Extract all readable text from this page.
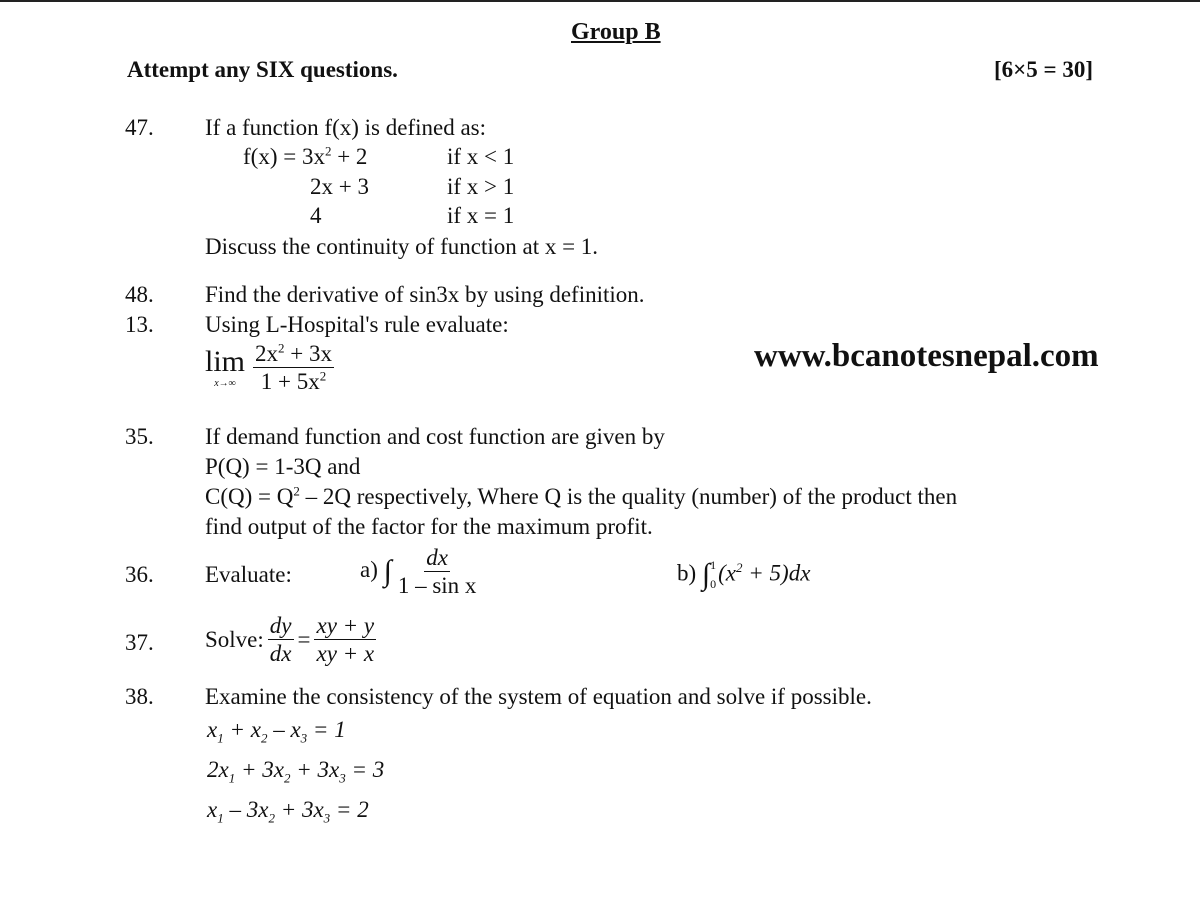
Group B
Attempt any SIX questions.	[6×5 = 30]
47. If a function f(x) is defined as:
$f(x) = 3x^2 + 2$	if x < 1
2x + 3	if x > 1
4	if x = 1
Discuss the continuity of function at x = 1.
48. Find the derivative of sin3x by using definition.
13. Using L-Hospital's rule evaluate:
lim
$x\to\infty \frac{2x^2 + 3x}{1 + 5x^2}$	www.bcanotesnepal.com
35. If demand function and cost function are given by
P(Q) = 1-3Q and
$C(Q) = Q^2 - 2Q$ respectively, Where Q is the quality (number) of the product then
find output of the factor for the maximum profit.
36. Evaluate:	a) ∫ $\frac{dx}{\text{1 – sin x}}$	b) ∫ 1
0 $(x^2 + 5)dx$
37. Solve: $\frac{dy}{dx} = \frac{xy + y}{xy + x}$
38. Examine the consistency of the system of equation and solve if possible.
$x_1 + x_2 - x_3 = 1$
$2x_1 + 3x_2 + 3x_3 = 3$
$x_1 - 3x_2 + 3x_3 = 2$
